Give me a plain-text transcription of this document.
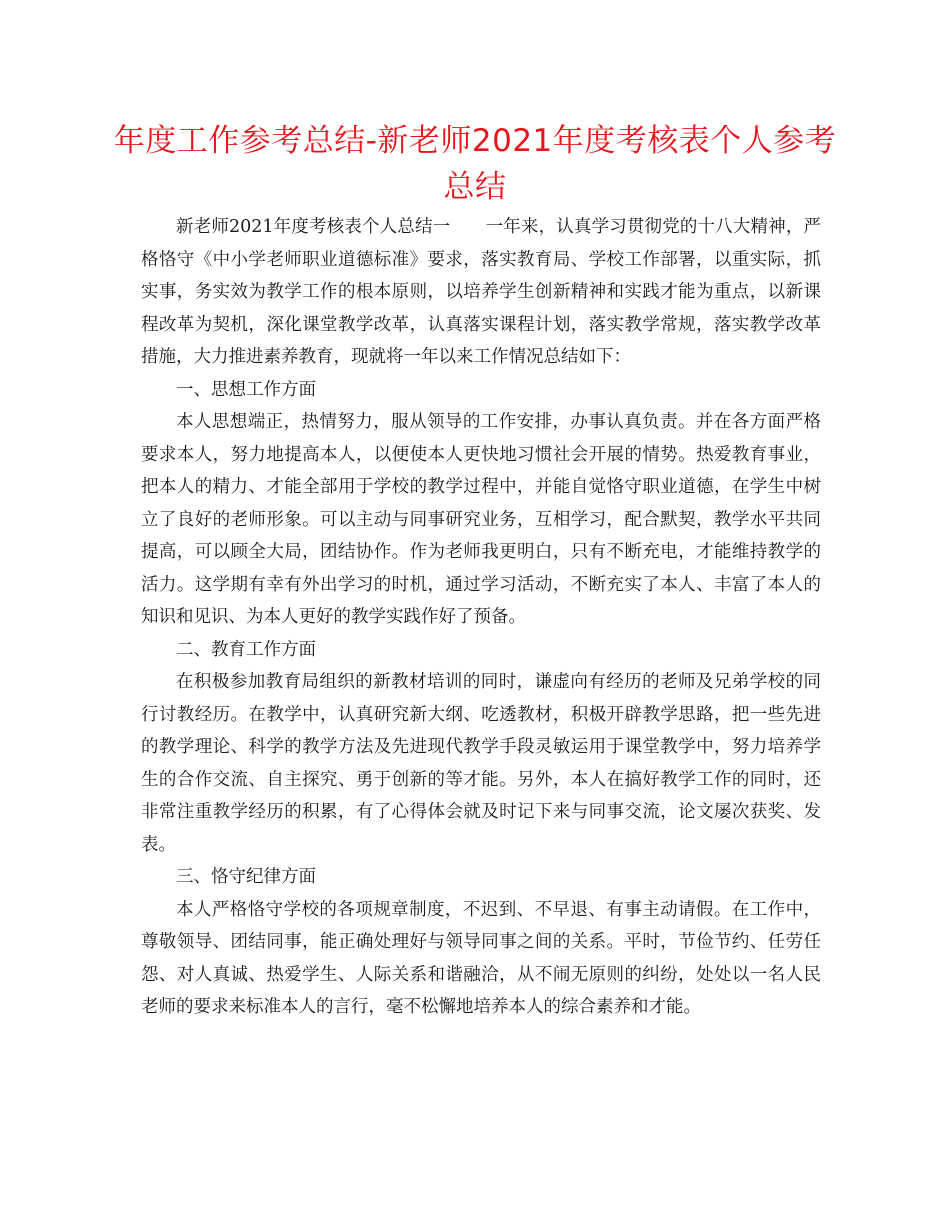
年度工作参考总结-新老师2021年度考核表个人参考总结

新老师2021年度考核表个人总结一　　一年来，认真学习贯彻党的十八大精神，严格恪守《中小学老师职业道德标准》要求，落实教育局、学校工作部署，以重实际，抓实事，务实效为教学工作的根本原则，以培养学生创新精神和实践才能为重点，以新课程改革为契机，深化课堂教学改革，认真落实课程计划，落实教学常规，落实教学改革措施，大力推进素养教育，现就将一年以来工作情况总结如下：

一、思想工作方面

本人思想端正，热情努力，服从领导的工作安排，办事认真负责。并在各方面严格要求本人，努力地提高本人，以便使本人更快地习惯社会开展的情势。热爱教育事业，把本人的精力、才能全部用于学校的教学过程中，并能自觉恪守职业道德，在学生中树立了良好的老师形象。可以主动与同事研究业务，互相学习，配合默契，教学水平共同提高，可以顾全大局，团结协作。作为老师我更明白，只有不断充电，才能维持教学的活力。这学期有幸有外出学习的时机，通过学习活动，不断充实了本人、丰富了本人的知识和见识、为本人更好的教学实践作好了预备。

二、教育工作方面

在积极参加教育局组织的新教材培训的同时，谦虚向有经历的老师及兄弟学校的同行讨教经历。在教学中，认真研究新大纲、吃透教材，积极开辟教学思路，把一些先进的教学理论、科学的教学方法及先进现代教学手段灵敏运用于课堂教学中，努力培养学生的合作交流、自主探究、勇于创新的等才能。另外，本人在搞好教学工作的同时，还非常注重教学经历的积累，有了心得体会就及时记下来与同事交流，论文屡次获奖、发表。

三、恪守纪律方面

本人严格恪守学校的各项规章制度，不迟到、不早退、有事主动请假。在工作中，尊敬领导、团结同事，能正确处理好与领导同事之间的关系。平时，节俭节约、任劳任怨、对人真诚、热爱学生、人际关系和谐融洽，从不闹无原则的纠纷，处处以一名人民老师的要求来标准本人的言行，毫不松懈地培养本人的综合素养和才能。
